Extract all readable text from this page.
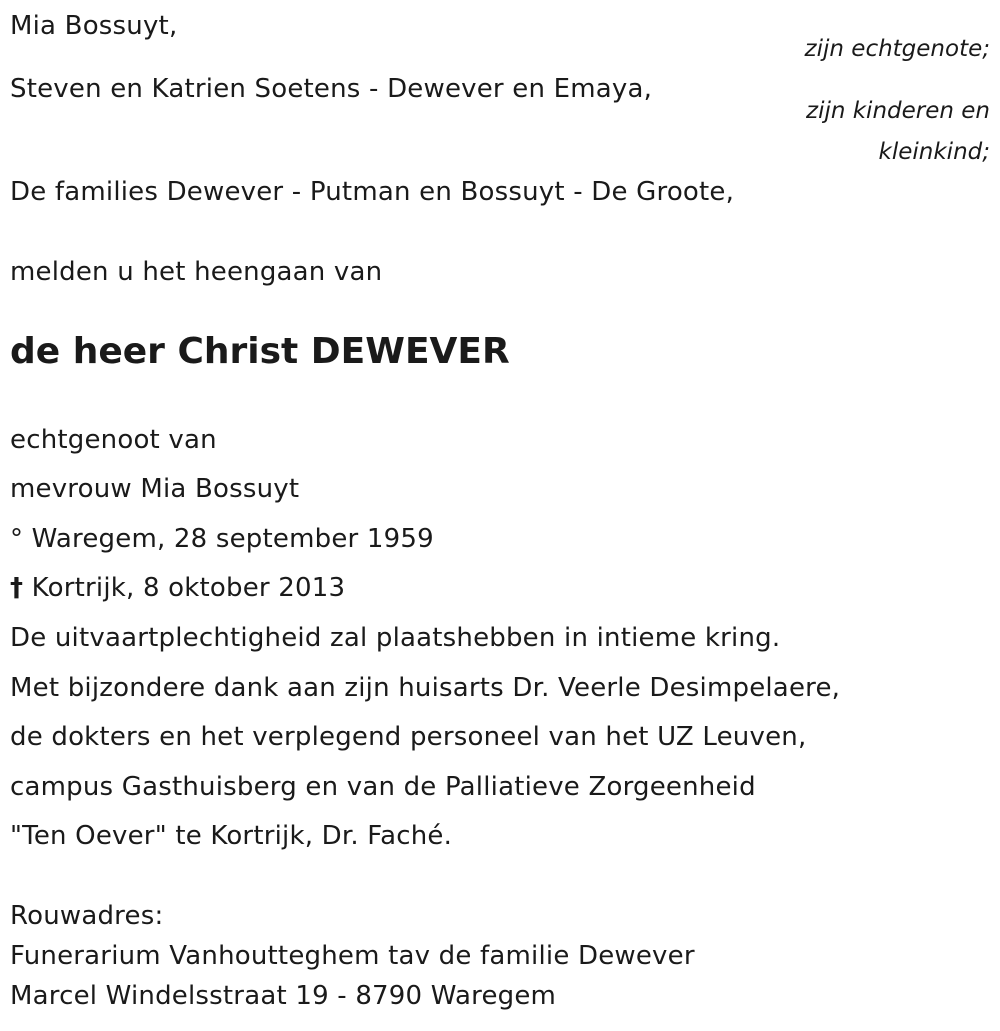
Mia Bossuyt,
zijn echtgenote;
Steven en Katrien Soetens - Dewever en Emaya,
zijn kinderen en
kleinkind;
De families Dewever - Putman en Bossuyt - De Groote,
melden u het heengaan van
de heer Christ DEWEVER
echtgenoot van
mevrouw Mia Bossuyt
° Waregem, 28 september 1959
† Kortrijk, 8 oktober 2013
De uitvaartplechtigheid zal plaatshebben in intieme kring.
Met bijzondere dank aan zijn huisarts Dr. Veerle Desimpelaere,
de dokters en het verplegend personeel van het UZ Leuven,
campus Gasthuisberg en van de Palliatieve Zorgeenheid
"Ten Oever" te Kortrijk, Dr. Faché.
Rouwadres:
Funerarium Vanhoutteghem tav de familie Dewever
Marcel Windelsstraat 19 - 8790 Waregem
